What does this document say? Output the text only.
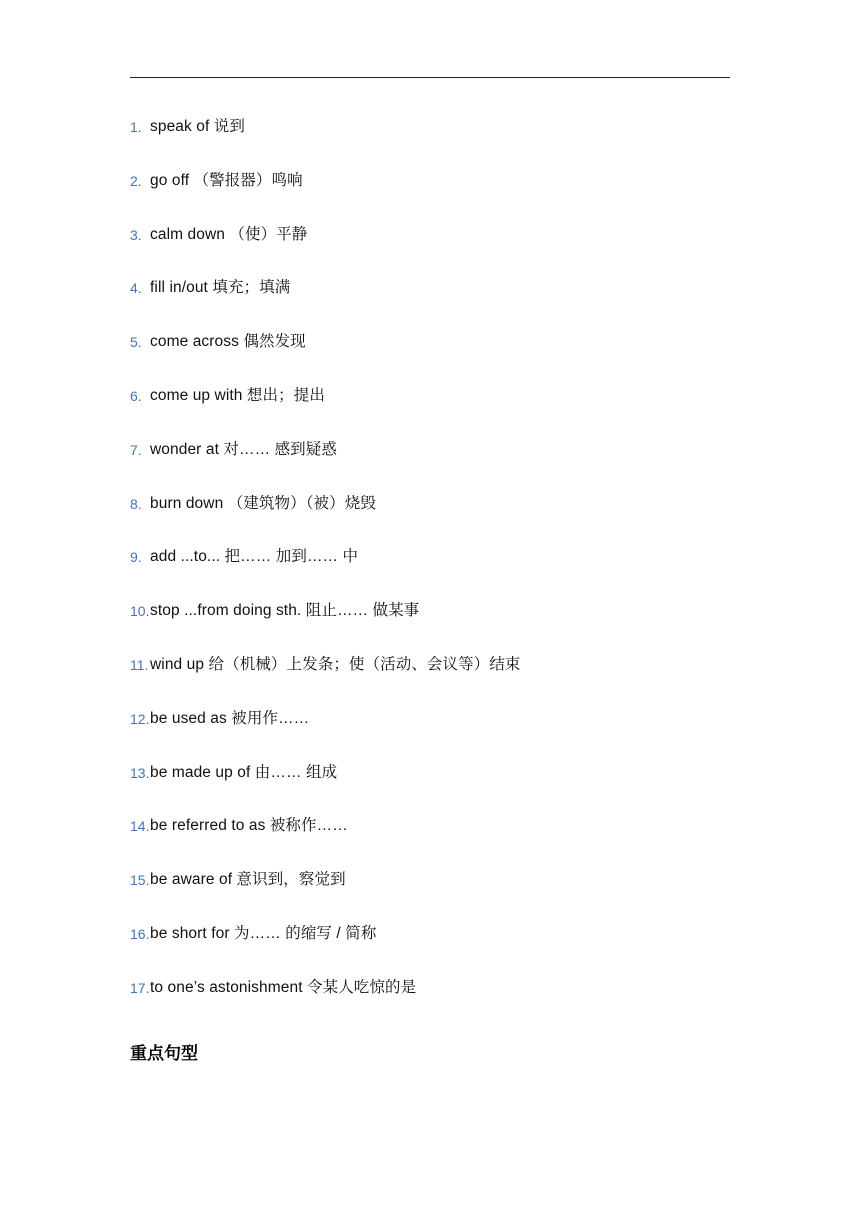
1. speak of 说到
2. go off （警报器）鸣响
3. calm down （使）平静
4. fill in/out 填充；填满
5. come across 偶然发现
6. come up with 想出；提出
7. wonder at 对…… 感到疑惑
8. burn down （建筑物）（被）烧毁
9. add ...to... 把…… 加到…… 中
10. stop ...from doing sth. 阻止…… 做某事
11. wind up 给（机械）上发条；使（活动、会议等）结束
12. be used as 被用作……
13. be made up of 由…… 组成
14. be referred to as 被称作……
15. be aware of 意识到，察觉到
16. be short for 为…… 的缩写 / 简称
17. to one’s astonishment 令某人吃惊的是
重点句型
